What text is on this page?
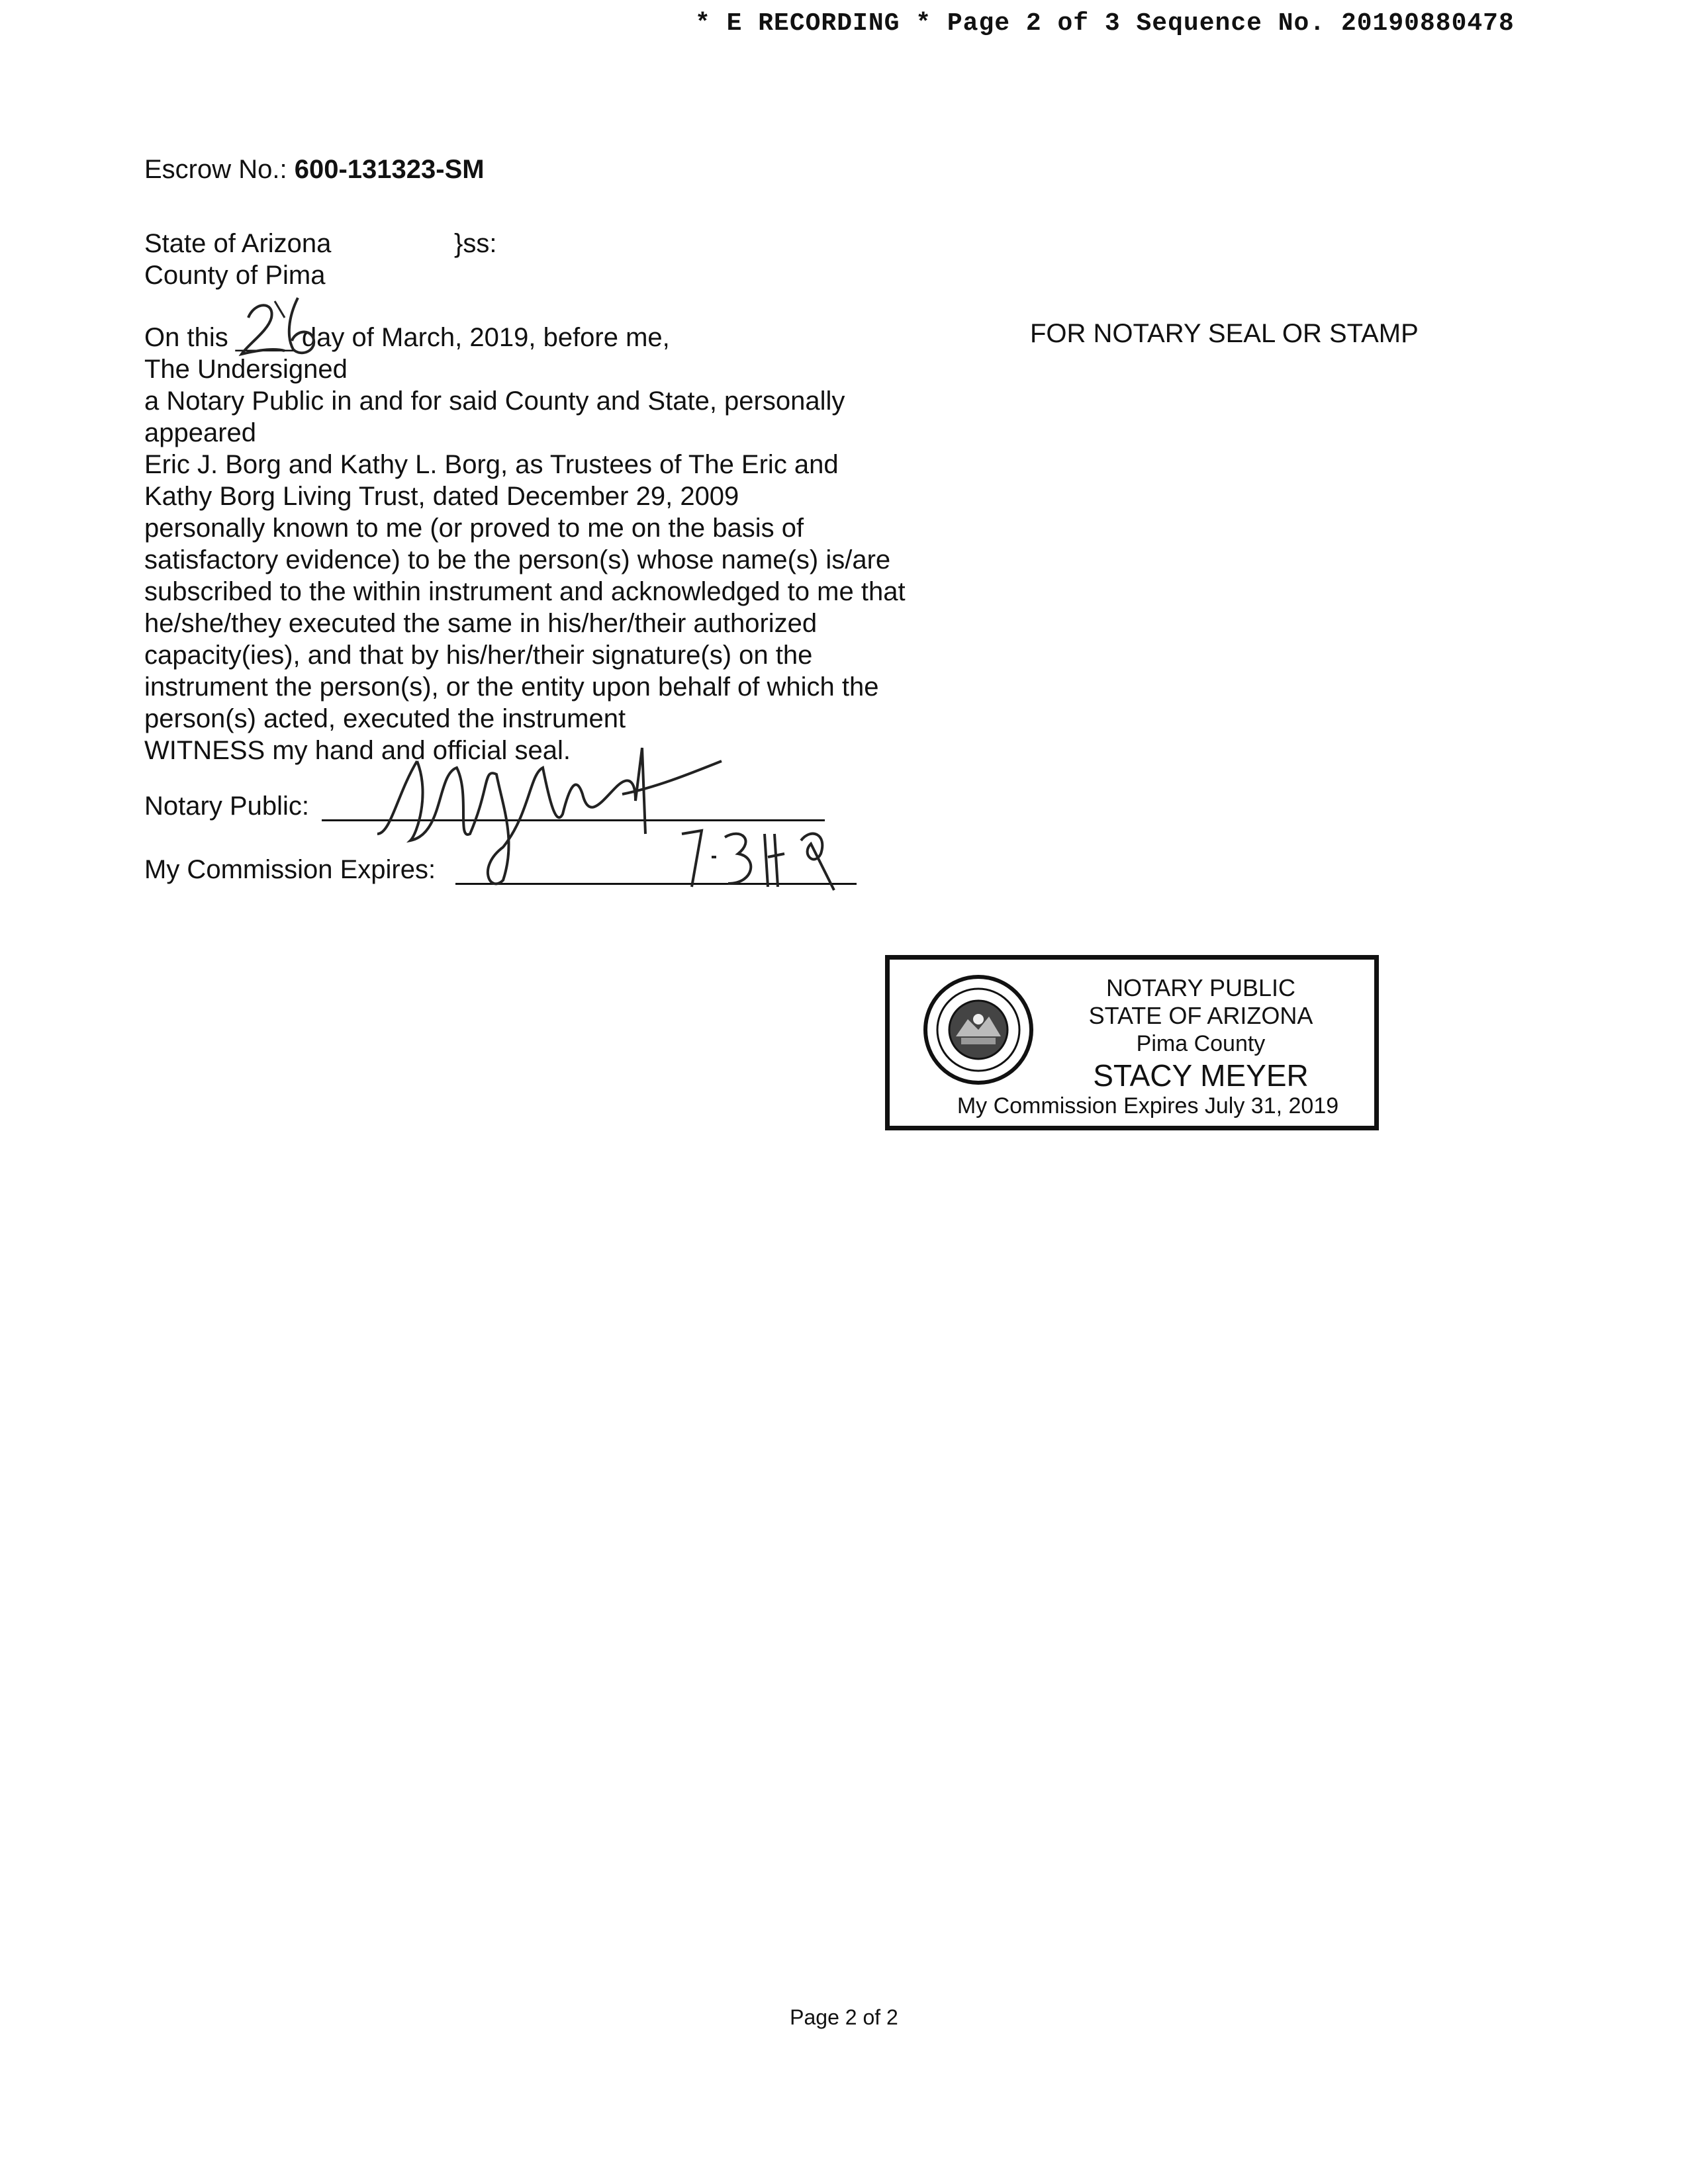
* E RECORDING * Page 2 of 3 Sequence No. 20190880478
Escrow No.: 600-131323-SM
State of Arizona	}ss:
County of Pima
On this ____ day of March, 2019, before me,
The Undersigned
a Notary Public in and for said County and State, personally
appeared
Eric J. Borg and Kathy L. Borg, as Trustees of The Eric and
Kathy Borg Living Trust, dated December 29, 2009
personally known to me (or proved to me on the basis of
satisfactory evidence) to be the person(s) whose name(s) is/are
subscribed to the within instrument and acknowledged to me that
he/she/they executed the same in his/her/their authorized
capacity(ies), and that by his/her/their signature(s) on the
instrument the person(s), or the entity upon behalf of which the
person(s) acted, executed the instrument
WITNESS my hand and official seal.
FOR NOTARY SEAL OR STAMP
Notary Public:
My Commission Expires:
NOTARY PUBLIC
STATE OF ARIZONA
Pima County
STACY MEYER
My Commission Expires July 31, 2019
Page 2 of 2
